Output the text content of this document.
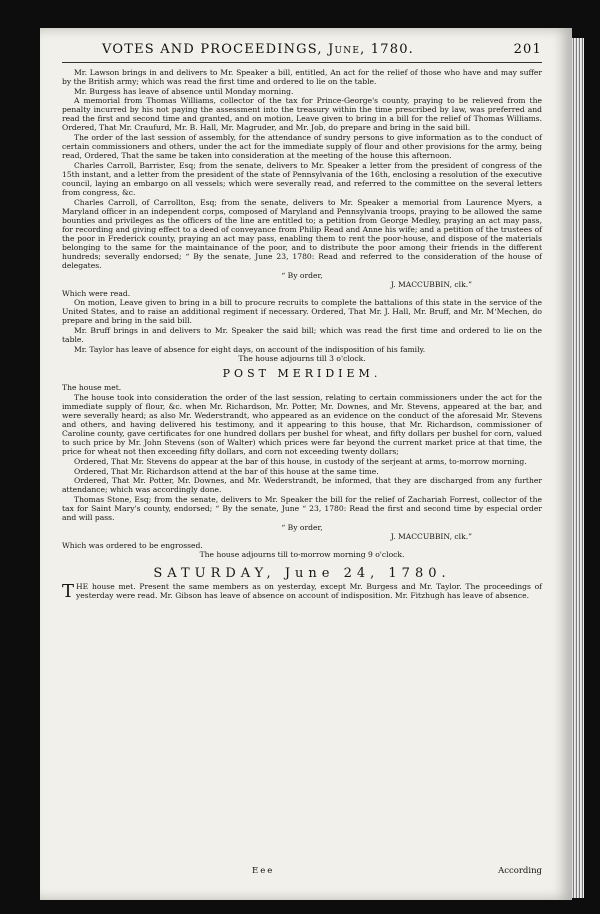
VOTES AND PROCEEDINGS, June, 1780.	201

Mr. Lawson brings in and delivers to Mr. Speaker a bill, entitled, An act for the relief of those who have and may suffer by the British army; which was read the first time and ordered to lie on the table.

Mr. Burgess has leave of absence until Monday morning.

A memorial from Thomas Williams, collector of the tax for Prince-George's county, praying to be relieved from the penalty incurred by his not paying the assessment into the treasury within the time prescribed by law, was preferred and read the first and second time and granted, and on motion, Leave given to bring in a bill for the relief of Thomas Williams. Ordered, That Mr. Craufurd, Mr. B. Hall, Mr. Magruder, and Mr. Job, do prepare and bring in the said bill.

The order of the last session of assembly, for the attendance of sundry persons to give information as to the conduct of certain commissioners and others, under the act for the immediate supply of flour and other provisions for the army, being read, Ordered, That the same be taken into consideration at the meeting of the house this afternoon.

Charles Carroll, Barrister, Esq; from the senate, delivers to Mr. Speaker a letter from the president of congress of the 15th instant, and a letter from the president of the state of Pennsylvania of the 16th, enclosing a resolution of the executive council, laying an embargo on all vessels; which were severally read, and referred to the committee on the several letters from congress, &c.

Charles Carroll, of Carrollton, Esq; from the senate, delivers to Mr. Speaker a memorial from Laurence Myers, a Maryland officer in an independent corps, composed of Maryland and Pennsylvania troops, praying to be allowed the same bounties and privileges as the officers of the line are entitled to; a petition from George Medley, praying an act may pass, for recording and giving effect to a deed of conveyance from Philip Read and Anne his wife; and a petition of the trustees of the poor in Frederick county, praying an act may pass, enabling them to rent the poor-house, and dispose of the materials belonging to the same for the maintainance of the poor, and to distribute the poor among their friends in the different hundreds; severally endorsed; “ By the senate, June 23, 1780: Read and referred to the consideration of the house of delegates.

“ By order,
J. MACCUBBIN, clk.”

Which were read.

On motion, Leave given to bring in a bill to procure recruits to complete the battalions of this state in the service of the United States, and to raise an additional regiment if necessary. Ordered, That Mr. J. Hall, Mr. Bruff, and Mr. M‘Mechen, do prepare and bring in the said bill.

Mr. Bruff brings in and delivers to Mr. Speaker the said bill; which was read the first time and ordered to lie on the table.

Mr. Taylor has leave of absence for eight days, on account of the indisposition of his family.

The house adjourns till 3 o'clock.
POST MERIDIEM.

The house met.

The house took into consideration the order of the last session, relating to certain commissioners under the act for the immediate supply of flour, &c. when Mr. Richardson, Mr. Potter, Mr. Downes, and Mr. Stevens, appeared at the bar, and were severally heard; as also Mr. Wederstrandt, who appeared as an evidence on the conduct of the aforesaid Mr. Stevens and others, and having delivered his testimony, and it appearing to this house, that Mr. Richardson, commissioner of Caroline county, gave certificates for one hundred dollars per bushel for wheat, and fifty dollars per bushel for corn, valued to such price by Mr. John Stevens (son of Walter) which prices were far beyond the current market price at that time, the price for wheat not then exceeding fifty dollars, and corn not exceeding twenty dollars;

Ordered, That Mr. Stevens do appear at the bar of this house, in custody of the serjeant at arms, to-morrow morning.

Ordered, That Mr. Richardson attend at the bar of this house at the same time.

Ordered, That Mr. Potter, Mr. Downes, and Mr. Wederstrandt, be informed, that they are discharged from any further attendance; which was accordingly done.

Thomas Stone, Esq; from the senate, delivers to Mr. Speaker the bill for the relief of Zachariah Forrest, collector of the tax for Saint Mary's county, endorsed; “ By the senate, June “ 23, 1780: Read the first and second time by especial order and will pass.

“ By order,
J. MACCUBBIN, clk.”

Which was ordered to be engrossed.

The house adjourns till to-morrow morning 9 o'clock.
SATURDAY, June 24, 1780.

THE house met. Present the same members as on yesterday, except Mr. Burgess and Mr. Taylor. The proceedings of yesterday were read. Mr. Gibson has leave of absence on account of indisposition. Mr. Fitzhugh has leave of absence.

Eee	According
